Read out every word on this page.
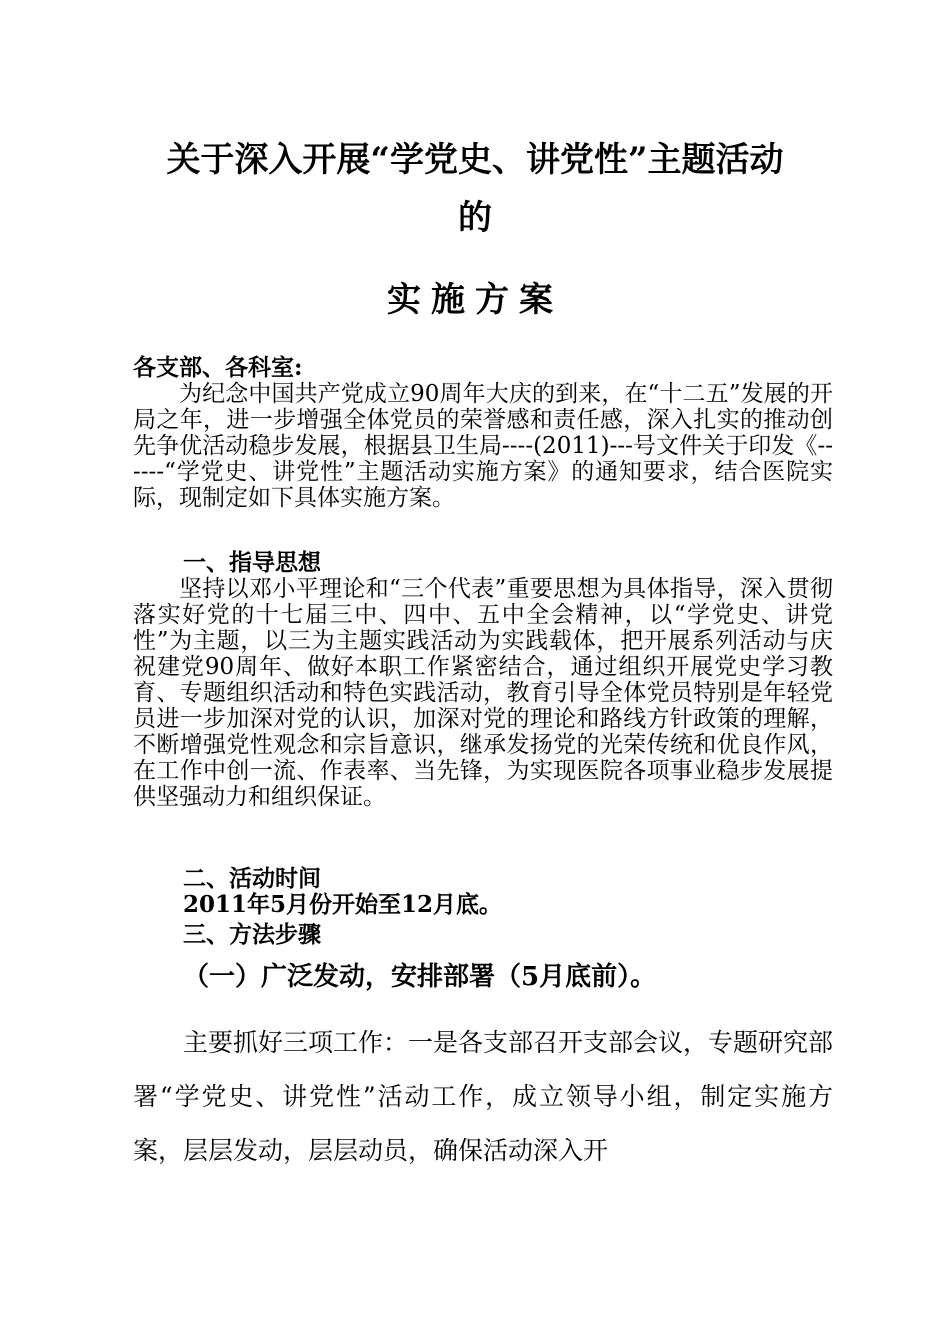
关于深入开展“学党史、讲党性”主题活动
的
实施方案
各支部、各科室:

为纪念中国共产党成立90周年大庆的到来，在“十二五”发展的开局之年，进一步增强全体党员的荣誉感和责任感，深入扎实的推动创先争优活动稳步发展，根据县卫生局----(2011)---号文件关于印发《------“学党史、讲党性”主题活动实施方案》的通知要求，结合医院实际，现制定如下具体实施方案。

一、指导思想

坚持以邓小平理论和“三个代表”重要思想为具体指导，深入贯彻落实好党的十七届三中、四中、五中全会精神，以“学党史、讲党性”为主题，以三为主题实践活动为实践载体，把开展系列活动与庆祝建党90周年、做好本职工作紧密结合，通过组织开展党史学习教育、专题组织活动和特色实践活动，教育引导全体党员特别是年轻党员进一步加深对党的认识，加深对党的理论和路线方针政策的理解，不断增强党性观念和宗旨意识，继承发扬党的光荣传统和优良作风，在工作中创一流、作表率、当先锋，为实现医院各项事业稳步发展提供坚强动力和组织保证。

二、活动时间
2011年5月份开始至12月底。
三、方法步骤
（一）广泛发动，安排部署（5月底前）。

主要抓好三项工作：一是各支部召开支部会议，专题研究部署“学党史、讲党性”活动工作，成立领导小组，制定实施方案，层层发动，层层动员，确保活动深入开
